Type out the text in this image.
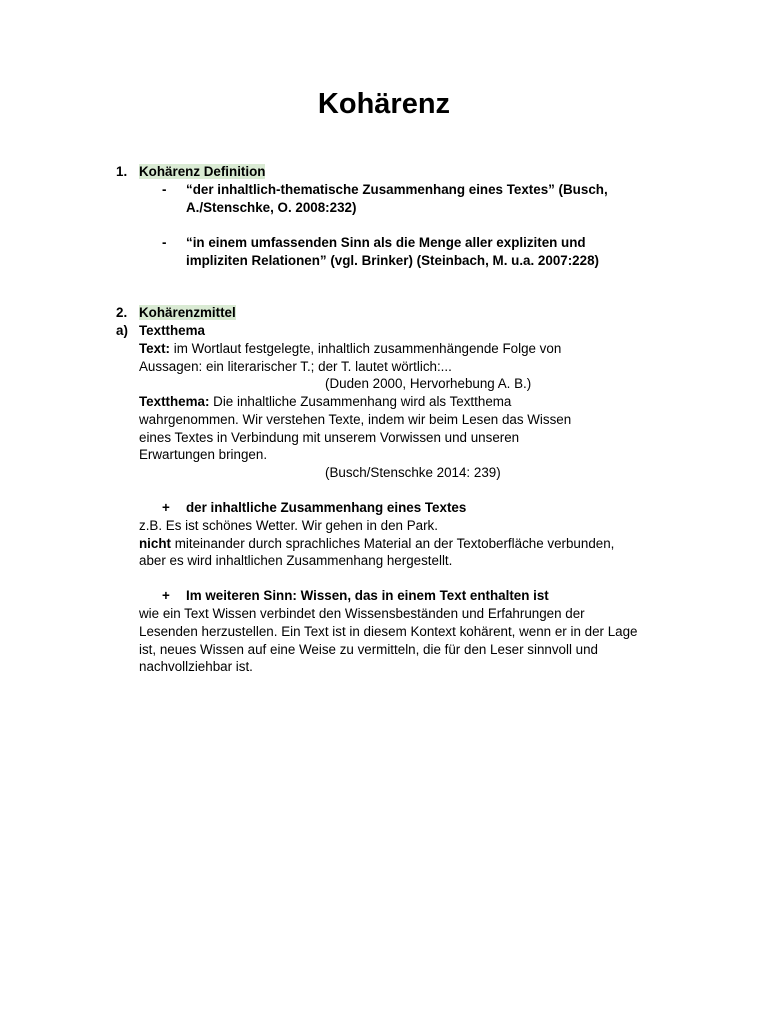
Kohärenz
1. Kohärenz Definition
- “der inhaltlich-thematische Zusammenhang eines Textes” (Busch,
A./Stenschke, O. 2008:232)
- “in einem umfassenden Sinn als die Menge aller expliziten und
impliziten Relationen” (vgl. Brinker) (Steinbach, M. u.a. 2007:228)
2. Kohärenzmittel
a) Textthema
Text: im Wortlaut festgelegte, inhaltlich zusammenhängende Folge von
Aussagen: ein literarischer T.; der T. lautet wörtlich:...
(Duden 2000, Hervorhebung A. B.)
Textthema: Die inhaltliche Zusammenhang wird als Textthema
wahrgenommen. Wir verstehen Texte, indem wir beim Lesen das Wissen
eines Textes in Verbindung mit unserem Vorwissen und unseren
Erwartungen bringen.
(Busch/Stenschke 2014: 239)
+ der inhaltliche Zusammenhang eines Textes
z.B. Es ist schönes Wetter. Wir gehen in den Park.
nicht miteinander durch sprachliches Material an der Textoberfläche verbunden,
aber es wird inhaltlichen Zusammenhang hergestellt.
+ Im weiteren Sinn: Wissen, das in einem Text enthalten ist
wie ein Text Wissen verbindet den Wissensbeständen und Erfahrungen der
Lesenden herzustellen. Ein Text ist in diesem Kontext kohärent, wenn er in der Lage
ist, neues Wissen auf eine Weise zu vermitteln, die für den Leser sinnvoll und
nachvollziehbar ist.
